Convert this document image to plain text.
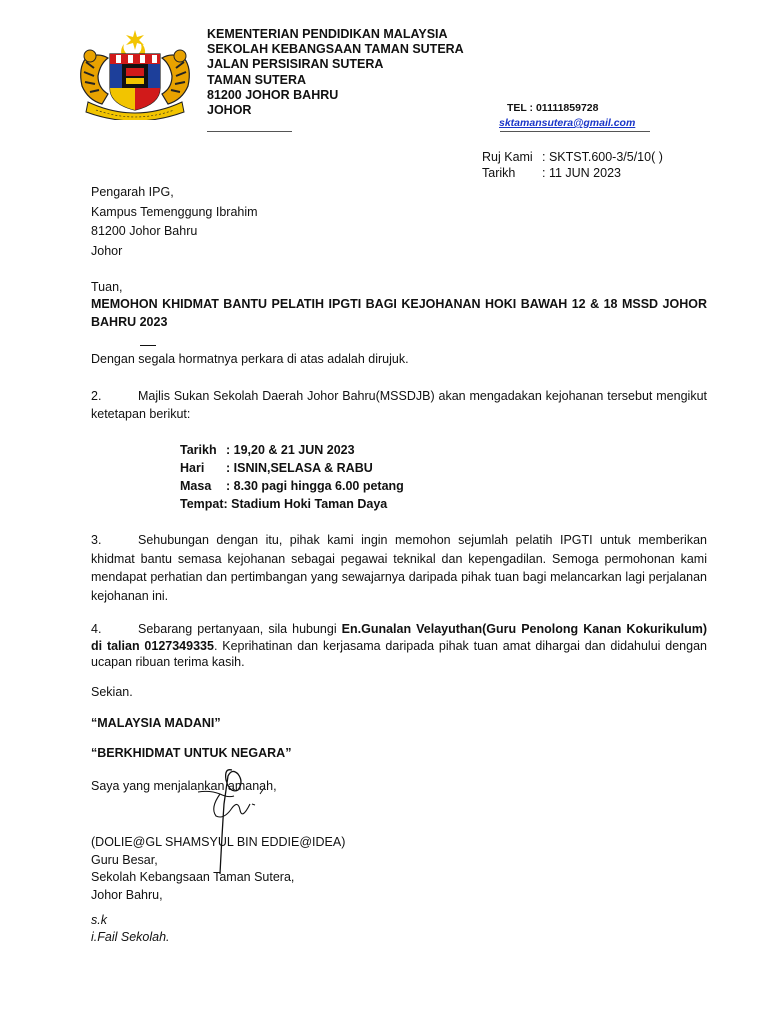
KEMENTERIAN PENDIDIKAN MALAYSIA
SEKOLAH KEBANGSAAN TAMAN SUTERA
JALAN PERSISIRAN SUTERA
TAMAN SUTERA
81200 JOHOR BAHRU
JOHOR	TEL : 01111859728
sktamansutera@gmail.com
Ruj Kami : SKTST.600-3/5/10( )
Tarikh : 11 JUN 2023
Pengarah IPG,
Kampus Temenggung Ibrahim
81200 Johor Bahru
Johor
Tuan,
MEMOHON KHIDMAT BANTU PELATIH IPGTI BAGI KEJOHANAN HOKI BAWAH 12 & 18 MSSD JOHOR BAHRU 2023
Dengan segala hormatnya perkara di atas adalah dirujuk.
2.	Majlis Sukan Sekolah Daerah Johor Bahru(MSSDJB) akan mengadakan kejohanan tersebut mengikut ketetapan berikut:
Tarikh : 19,20 & 21 JUN 2023
Hari : ISNIN,SELASA & RABU
Masa : 8.30 pagi hingga 6.00 petang
Tempat: Stadium Hoki Taman Daya
3.	Sehubungan dengan itu, pihak kami ingin memohon sejumlah pelatih IPGTI untuk memberikan khidmat bantu semasa kejohanan sebagai pegawai teknikal dan kepengadilan. Semoga permohonan kami mendapat perhatian dan pertimbangan yang sewajarnya daripada pihak tuan bagi melancarkan lagi perjalanan kejohanan ini.
4.	Sebarang pertanyaan, sila hubungi En.Gunalan Velayuthan(Guru Penolong Kanan Kokurikulum) di talian 0127349335. Keprihatinan dan kerjasama daripada pihak tuan amat dihargai dan didahului dengan ucapan ribuan terima kasih.
Sekian.
“MALAYSIA MADANI”
“BERKHIDMAT UNTUK NEGARA”
Saya yang menjalankan amanah,
(DOLIE@GL SHAMSYUL BIN EDDIE@IDEA)
Guru Besar,
Sekolah Kebangsaan Taman Sutera,
Johor Bahru,
s.k
i.Fail Sekolah.
